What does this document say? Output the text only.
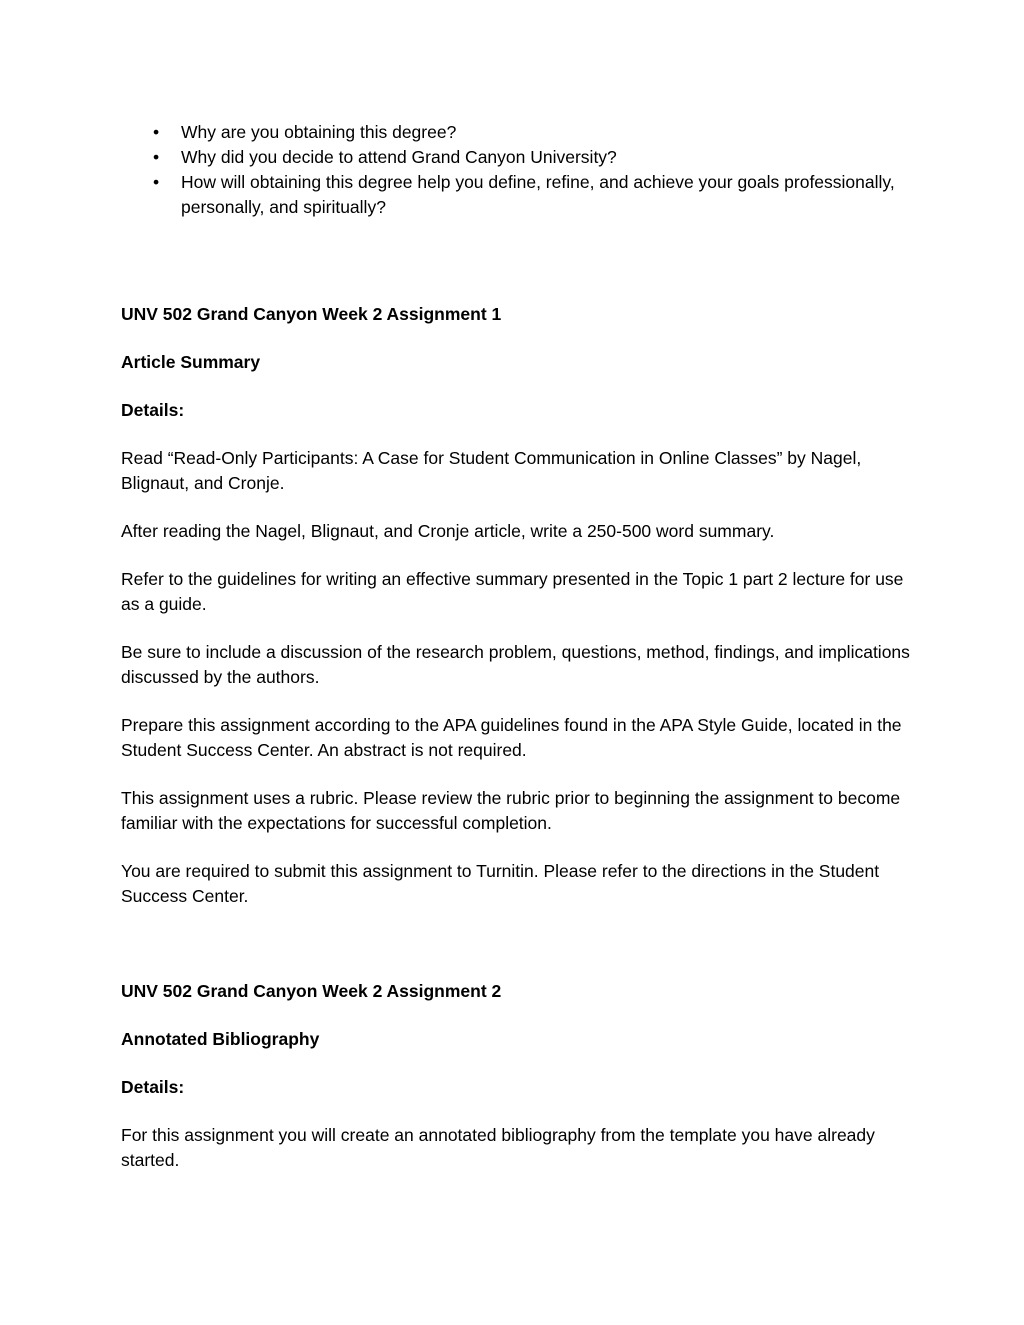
• Why are you obtaining this degree?
• Why did you decide to attend Grand Canyon University?
• How will obtaining this degree help you define, refine, and achieve your goals professionally, personally, and spiritually?

UNV 502 Grand Canyon Week 2 Assignment 1

Article Summary

Details:

Read “Read-Only Participants: A Case for Student Communication in Online Classes” by Nagel, Blignaut, and Cronje.

After reading the Nagel, Blignaut, and Cronje article, write a 250-500 word summary.

Refer to the guidelines for writing an effective summary presented in the Topic 1 part 2 lecture for use as a guide.

Be sure to include a discussion of the research problem, questions, method, findings, and implications discussed by the authors.

Prepare this assignment according to the APA guidelines found in the APA Style Guide, located in the Student Success Center. An abstract is not required.

This assignment uses a rubric. Please review the rubric prior to beginning the assignment to become familiar with the expectations for successful completion.

You are required to submit this assignment to Turnitin. Please refer to the directions in the Student Success Center.

UNV 502 Grand Canyon Week 2 Assignment 2

Annotated Bibliography

Details:

For this assignment you will create an annotated bibliography from the template you have already started.
